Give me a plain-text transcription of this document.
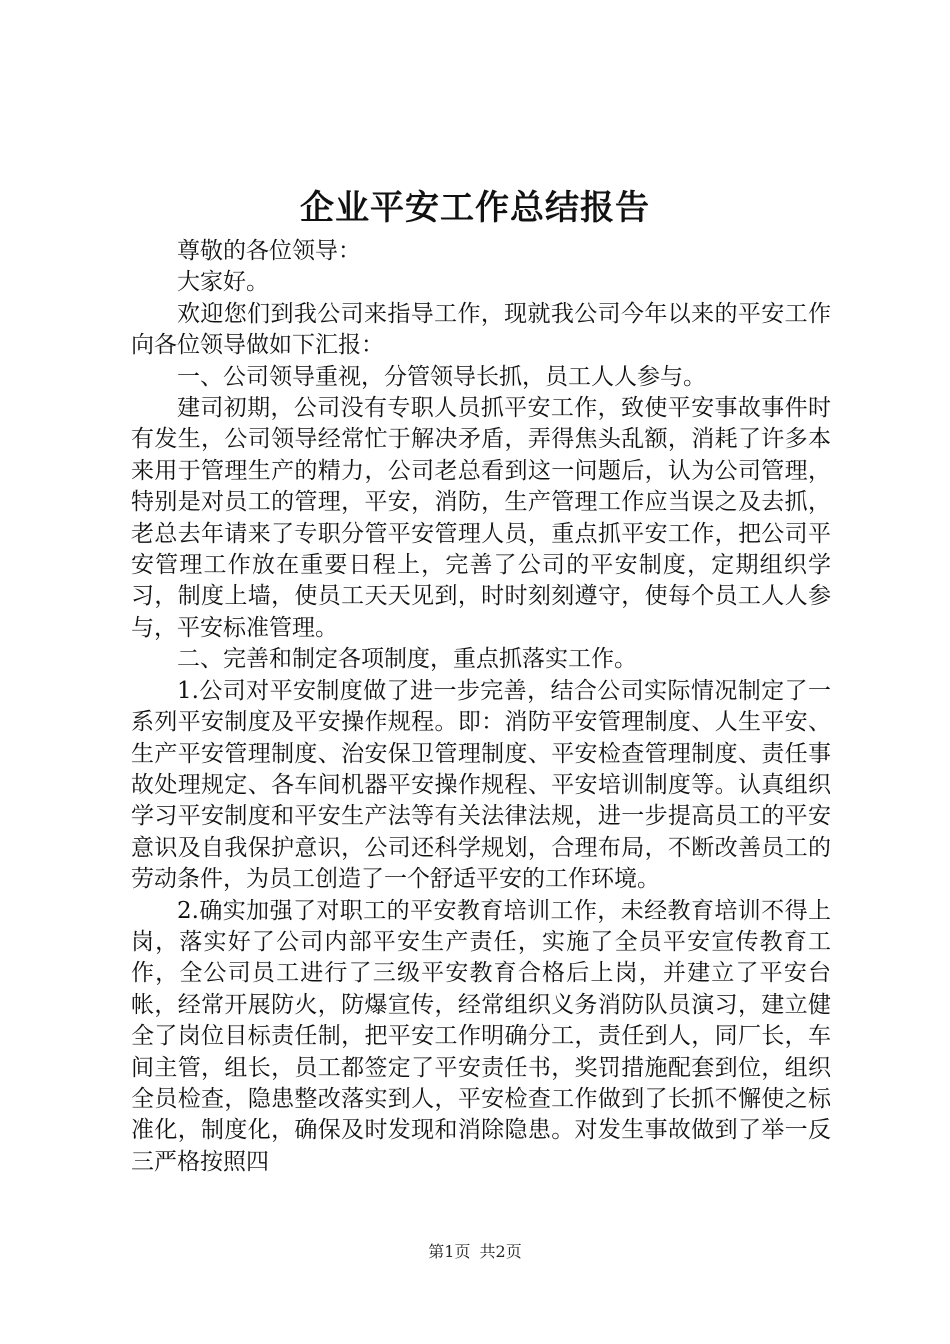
企业平安工作总结报告

尊敬的各位领导：

大家好。

欢迎您们到我公司来指导工作，现就我公司今年以来的平安工作向各位领导做如下汇报：

一、公司领导重视，分管领导长抓，员工人人参与。

建司初期，公司没有专职人员抓平安工作，致使平安事故事件时有发生，公司领导经常忙于解决矛盾，弄得焦头乱额，消耗了许多本来用于管理生产的精力，公司老总看到这一问题后，认为公司管理，特别是对员工的管理，平安，消防，生产管理工作应当误之及去抓，老总去年请来了专职分管平安管理人员，重点抓平安工作，把公司平安管理工作放在重要日程上，完善了公司的平安制度，定期组织学习，制度上墙，使员工天天见到，时时刻刻遵守，使每个员工人人参与，平安标准管理。

二、完善和制定各项制度，重点抓落实工作。

1.公司对平安制度做了进一步完善，结合公司实际情况制定了一系列平安制度及平安操作规程。即：消防平安管理制度、人生平安、生产平安管理制度、治安保卫管理制度、平安检查管理制度、责任事故处理规定、各车间机器平安操作规程、平安培训制度等。认真组织学习平安制度和平安生产法等有关法律法规，进一步提高员工的平安意识及自我保护意识，公司还科学规划，合理布局，不断改善员工的劳动条件，为员工创造了一个舒适平安的工作环境。

2.确实加强了对职工的平安教育培训工作，未经教育培训不得上岗，落实好了公司内部平安生产责任，实施了全员平安宣传教育工作，全公司员工进行了三级平安教育合格后上岗，并建立了平安台帐，经常开展防火，防爆宣传，经常组织义务消防队员演习，建立健全了岗位目标责任制，把平安工作明确分工，责任到人，同厂长，车间主管，组长，员工都签定了平安责任书，奖罚措施配套到位，组织全员检查，隐患整改落实到人，平安检查工作做到了长抓不懈使之标准化，制度化，确保及时发现和消除隐患。对发生事故做到了举一反三严格按照四

第1页 共2页
